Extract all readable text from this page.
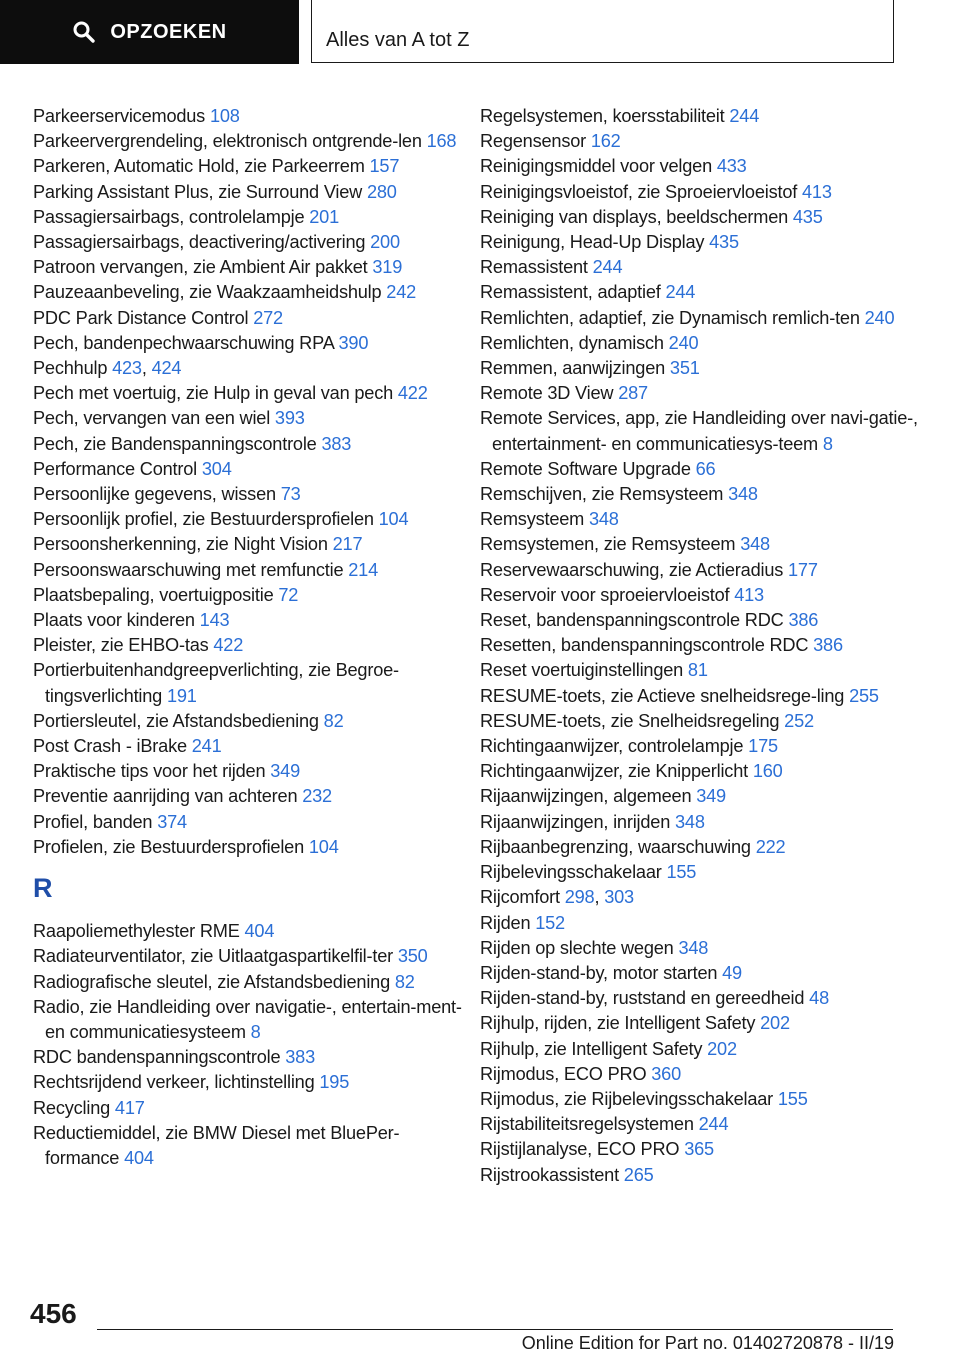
OPZOEKEN	Alles van A tot Z
Parkeerservicemodus 108
Parkeervergrendeling, elektronisch ontgrende‐len 168
Parkeren, Automatic Hold, zie Parkeerrem 157
Parking Assistant Plus, zie Surround View 280
Passagiersairbags, controlelampje 201
Passagiersairbags, deactivering/activering 200
Patroon vervangen, zie Ambient Air pakket 319
Pauzeaanbeveling, zie Waakzaamheidshulp 242
PDC Park Distance Control 272
Pech, bandenpechwaarschuwing RPA 390
Pechhulp 423, 424
Pech met voertuig, zie Hulp in geval van pech 422
Pech, vervangen van een wiel 393
Pech, zie Bandenspanningscontrole 383
Performance Control 304
Persoonlijke gegevens, wissen 73
Persoonlijk profiel, zie Bestuurdersprofielen 104
Persoonsherkenning, zie Night Vision 217
Persoonswaarschuwing met remfunctie 214
Plaatsbepaling, voertuigpositie 72
Plaats voor kinderen 143
Pleister, zie EHBO-tas 422
Portierbuitenhandgreepverlichting, zie Begroe‐tingsverlichting 191
Portiersleutel, zie Afstandsbediening 82
Post Crash - iBrake 241
Praktische tips voor het rijden 349
Preventie aanrijding van achteren 232
Profiel, banden 374
Profielen, zie Bestuurdersprofielen 104
R
Raapoliemethylester RME 404
Radiateurventilator, zie Uitlaatgaspartikelfil‐ter 350
Radiografische sleutel, zie Afstandsbediening 82
Radio, zie Handleiding over navigatie-, entertain‐ment- en communicatiesysteem 8
RDC bandenspanningscontrole 383
Rechtsrijdend verkeer, lichtinstelling 195
Recycling 417
Reductiemiddel, zie BMW Diesel met BluePer‐formance 404
Regelsystemen, koersstabiliteit 244
Regensensor 162
Reinigingsmiddel voor velgen 433
Reinigingsvloeistof, zie Sproeiervloeistof 413
Reiniging van displays, beeldschermen 435
Reinigung, Head-Up Display 435
Remassistent 244
Remassistent, adaptief 244
Remlichten, adaptief, zie Dynamisch remlich‐ten 240
Remlichten, dynamisch 240
Remmen, aanwijzingen 351
Remote 3D View 287
Remote Services, app, zie Handleiding over navi‐gatie-, entertainment- en communicatiesys‐teem 8
Remote Software Upgrade 66
Remschijven, zie Remsysteem 348
Remsysteem 348
Remsystemen, zie Remsysteem 348
Reservewaarschuwing, zie Actieradius 177
Reservoir voor sproeiervloeistof 413
Reset, bandenspanningscontrole RDC 386
Resetten, bandenspanningscontrole RDC 386
Reset voertuiginstellingen 81
RESUME-toets, zie Actieve snelheidsrege‐ling 255
RESUME-toets, zie Snelheidsregeling 252
Richtingaanwijzer, controlelampje 175
Richtingaanwijzer, zie Knipperlicht 160
Rijaanwijzingen, algemeen 349
Rijaanwijzingen, inrijden 348
Rijbaanbegrenzing, waarschuwing 222
Rijbelevingsschakelaar 155
Rijcomfort 298, 303
Rijden 152
Rijden op slechte wegen 348
Rijden-stand-by, motor starten 49
Rijden-stand-by, ruststand en gereedheid 48
Rijhulp, rijden, zie Intelligent Safety 202
Rijhulp, zie Intelligent Safety 202
Rijmodus, ECO PRO 360
Rijmodus, zie Rijbelevingsschakelaar 155
Rijstabiliteitsregelsystemen 244
Rijstijlanalyse, ECO PRO 365
Rijstrookassistent 265
456
Online Edition for Part no. 01402720878 - II/19
